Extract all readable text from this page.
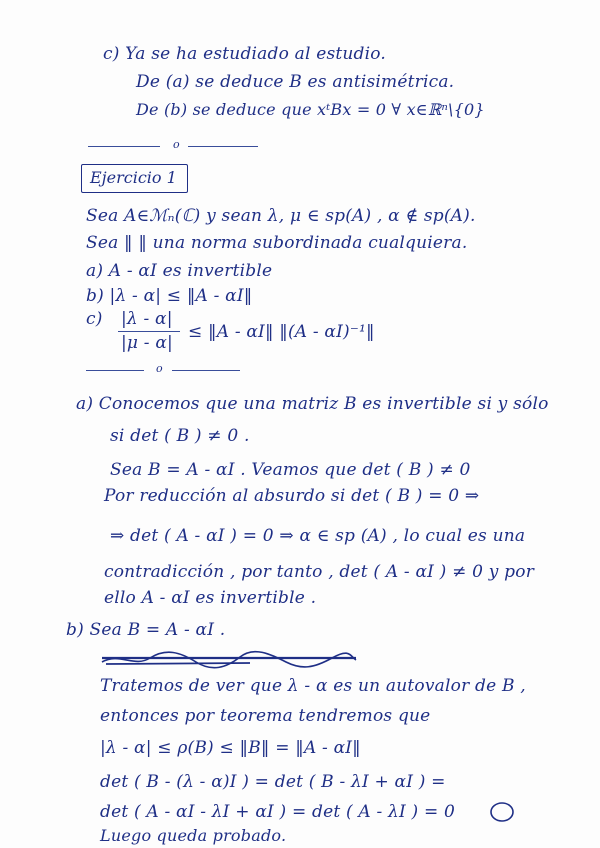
c) Ya se ha estudiado al estudio.
De (a) se deduce B es antisimétrica.
De (b) se deduce que xᵗBx = 0 ∀ x∈ℝⁿ\{0}
o
Ejercicio 1
Sea A∈ℳₙ(ℂ) y sean λ, μ ∈ sp(A) , α ∉ sp(A).
Sea ‖ ‖ una norma subordinada cualquiera.
a) A - αI es invertible
b) |λ - α| ≤ ‖A - αI‖
c) |λ - α|
|μ - α|
≤ ‖A - αI‖ ‖(A - αI)⁻¹‖
o
a) Conocemos que una matriz B es invertible si y sólo
si det ( B ) ≠ 0 .
Sea B = A - αI . Veamos que det ( B ) ≠ 0
Por reducción al absurdo si det ( B ) = 0 ⇒
⇒ det ( A - αI ) = 0 ⇒ α ∈ sp (A) , lo cual es una
contradicción , por tanto , det ( A - αI ) ≠ 0 y por
ello A - αI es invertible .
b) Sea B = A - αI .
Tratemos de ver que λ - α es un autovalor de B ,
entonces por teorema tendremos que
|λ - α| ≤ ρ(B) ≤ ‖B‖ = ‖A - αI‖
det ( B - (λ - α)I ) = det ( B - λI + αI ) =
det ( A - αI - λI + αI ) = det ( A - λI ) = 0
Luego queda probado.
